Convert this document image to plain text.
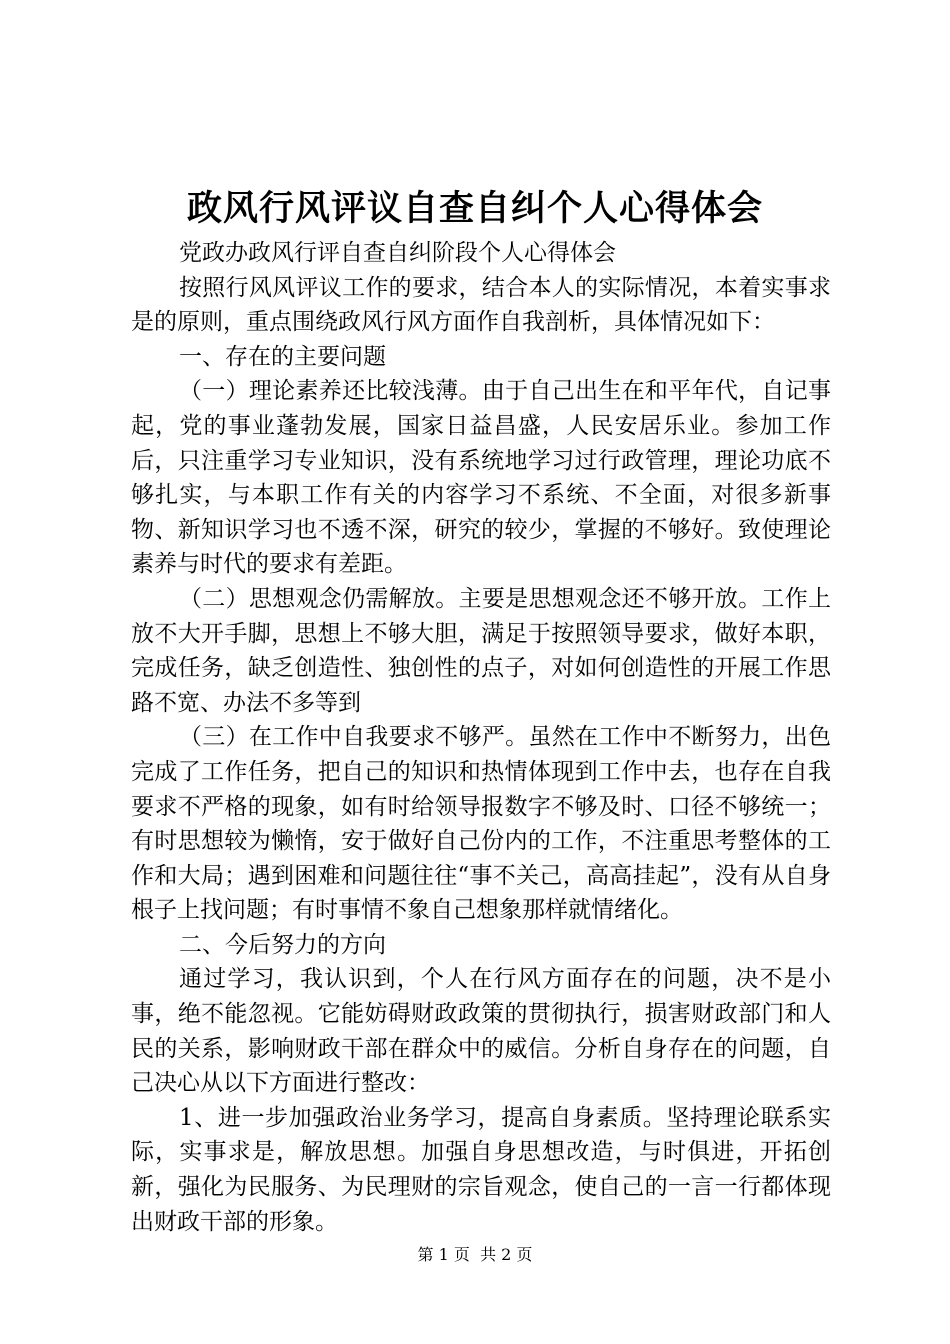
政风行风评议自查自纠个人心得体会

党政办政风行评自查自纠阶段个人心得体会

按照行风风评议工作的要求，结合本人的实际情况，本着实事求是的原则，重点围绕政风行风方面作自我剖析，具体情况如下：

一、存在的主要问题

（一）理论素养还比较浅薄。由于自己出生在和平年代，自记事起，党的事业蓬勃发展，国家日益昌盛，人民安居乐业。参加工作后，只注重学习专业知识，没有系统地学习过行政管理，理论功底不够扎实，与本职工作有关的内容学习不系统、不全面，对很多新事物、新知识学习也不透不深，研究的较少，掌握的不够好。致使理论素养与时代的要求有差距。

（二）思想观念仍需解放。主要是思想观念还不够开放。工作上放不大开手脚，思想上不够大胆，满足于按照领导要求，做好本职，完成任务，缺乏创造性、独创性的点子，对如何创造性的开展工作思路不宽、办法不多等到

（三）在工作中自我要求不够严。虽然在工作中不断努力，出色完成了工作任务，把自己的知识和热情体现到工作中去，也存在自我要求不严格的现象，如有时给领导报数字不够及时、口径不够统一；有时思想较为懒惰，安于做好自己份内的工作，不注重思考整体的工作和大局；遇到困难和问题往往“事不关己，高高挂起”，没有从自身根子上找问题；有时事情不象自己想象那样就情绪化。

二、今后努力的方向

通过学习，我认识到，个人在行风方面存在的问题，决不是小事，绝不能忽视。它能妨碍财政政策的贯彻执行，损害财政部门和人民的关系，影响财政干部在群众中的威信。分析自身存在的问题，自己决心从以下方面进行整改：

1、进一步加强政治业务学习，提高自身素质。坚持理论联系实际，实事求是，解放思想。加强自身思想改造，与时俱进，开拓创新，强化为民服务、为民理财的宗旨观念，使自己的一言一行都体现出财政干部的形象。

第 1 页  共 2 页
